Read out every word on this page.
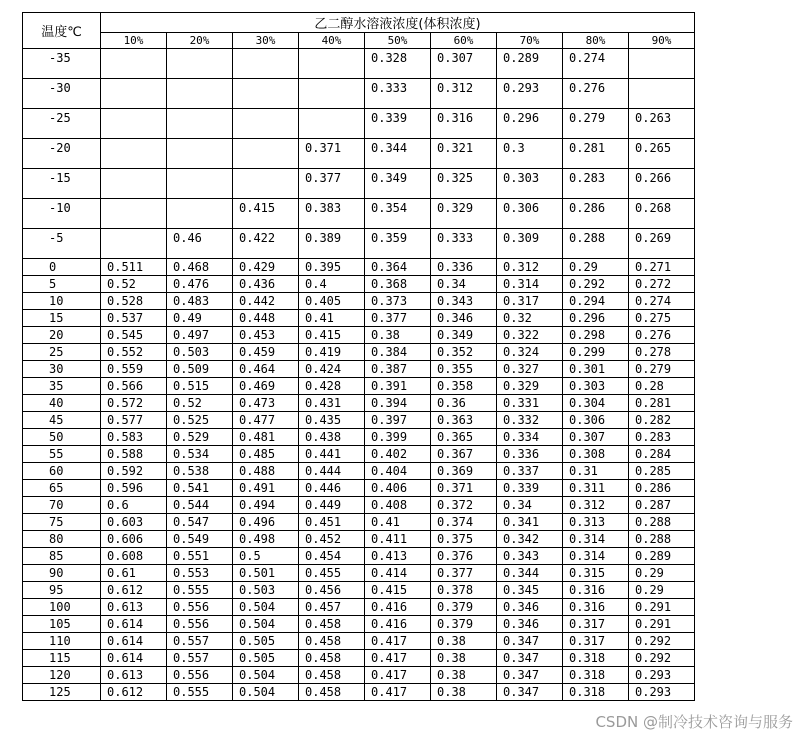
温度℃	乙二醇水溶液浓度(体积浓度)								
	10%	20%	30%	40%	50%	60%	70%	80%	90%
-35					0.328	0.307	0.289	0.274	
-30					0.333	0.312	0.293	0.276	
-25					0.339	0.316	0.296	0.279	0.263
-20				0.371	0.344	0.321	0.3	0.281	0.265
-15				0.377	0.349	0.325	0.303	0.283	0.266
-10			0.415	0.383	0.354	0.329	0.306	0.286	0.268
-5		0.46	0.422	0.389	0.359	0.333	0.309	0.288	0.269
0	0.511	0.468	0.429	0.395	0.364	0.336	0.312	0.29	0.271
5	0.52	0.476	0.436	0.4	0.368	0.34	0.314	0.292	0.272
10	0.528	0.483	0.442	0.405	0.373	0.343	0.317	0.294	0.274
15	0.537	0.49	0.448	0.41	0.377	0.346	0.32	0.296	0.275
20	0.545	0.497	0.453	0.415	0.38	0.349	0.322	0.298	0.276
25	0.552	0.503	0.459	0.419	0.384	0.352	0.324	0.299	0.278
30	0.559	0.509	0.464	0.424	0.387	0.355	0.327	0.301	0.279
35	0.566	0.515	0.469	0.428	0.391	0.358	0.329	0.303	0.28
40	0.572	0.52	0.473	0.431	0.394	0.36	0.331	0.304	0.281
45	0.577	0.525	0.477	0.435	0.397	0.363	0.332	0.306	0.282
50	0.583	0.529	0.481	0.438	0.399	0.365	0.334	0.307	0.283
55	0.588	0.534	0.485	0.441	0.402	0.367	0.336	0.308	0.284
60	0.592	0.538	0.488	0.444	0.404	0.369	0.337	0.31	0.285
65	0.596	0.541	0.491	0.446	0.406	0.371	0.339	0.311	0.286
70	0.6	0.544	0.494	0.449	0.408	0.372	0.34	0.312	0.287
75	0.603	0.547	0.496	0.451	0.41	0.374	0.341	0.313	0.288
80	0.606	0.549	0.498	0.452	0.411	0.375	0.342	0.314	0.288
85	0.608	0.551	0.5	0.454	0.413	0.376	0.343	0.314	0.289
90	0.61	0.553	0.501	0.455	0.414	0.377	0.344	0.315	0.29
95	0.612	0.555	0.503	0.456	0.415	0.378	0.345	0.316	0.29
100	0.613	0.556	0.504	0.457	0.416	0.379	0.346	0.316	0.291
105	0.614	0.556	0.504	0.458	0.416	0.379	0.346	0.317	0.291
110	0.614	0.557	0.505	0.458	0.417	0.38	0.347	0.317	0.292
115	0.614	0.557	0.505	0.458	0.417	0.38	0.347	0.318	0.292
120	0.613	0.556	0.504	0.458	0.417	0.38	0.347	0.318	0.293
125	0.612	0.555	0.504	0.458	0.417	0.38	0.347	0.318	0.293
CSDN @制冷技术咨询与服务
